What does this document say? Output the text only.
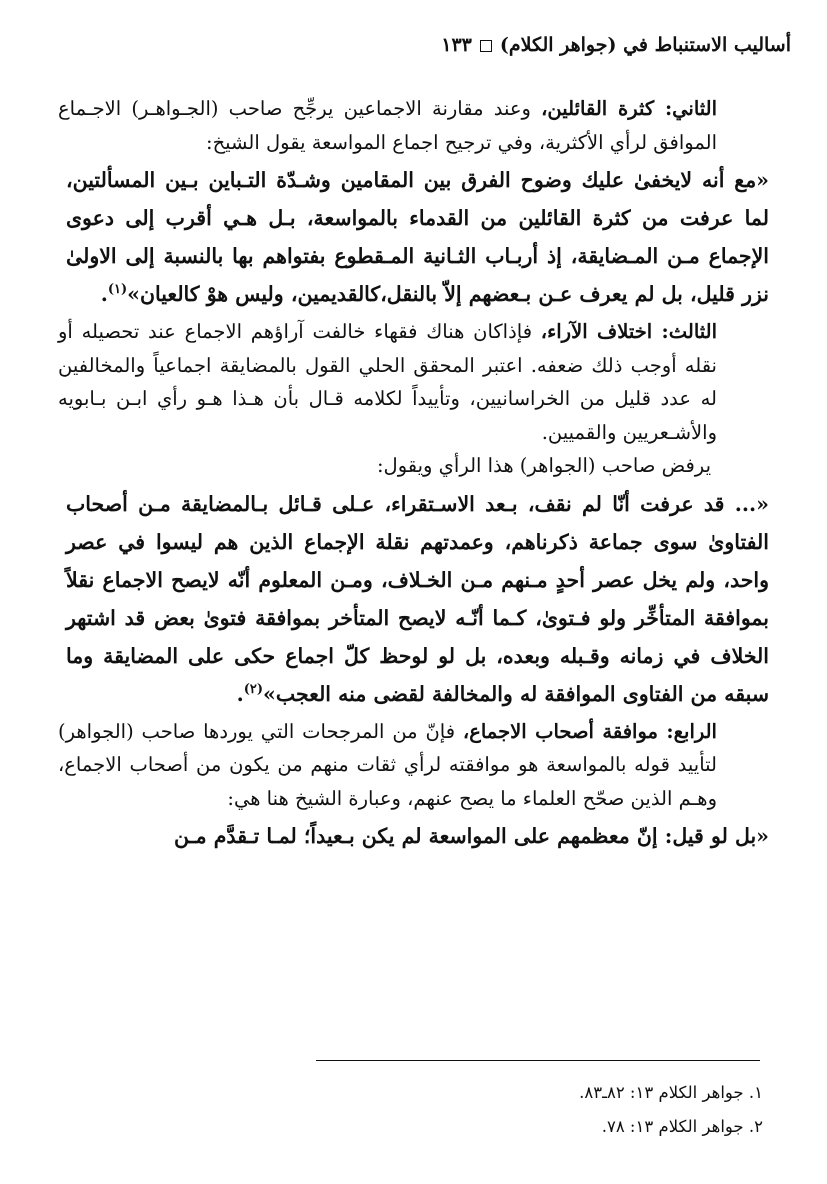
أساليب الاستنباط في (جواهر الكلام)١٣٣

الثاني: كثرة القائلين، وعند مقارنة الاجماعين يرجِّح صاحب (الجـواهـر) الاجـماع الموافق لرأي الأكثرية، وفي ترجيح اجماع المواسعة يقول الشيخ:

«مع أنه لايخفىٰ عليك وضوح الفرق بين المقامين وشـدّة التـباين بـين المسألتين، لما عرفت من كثرة القائلين من القدماء بالمواسعة، بـل هـي أقرب إلى دعوى الإجماع مـن المـضايقة، إذ أربـاب الثـانية المـقطوع بفتواهم بها بالنسبة إلى الاولىٰ نزر قليل، بل لم يعرف عـن بـعضهم إلاّ بالنقل،كالقديمين، وليس هوْ كالعيان»$^{(١)}$.

الثالث: اختلاف الآراء، فإذاكان هناك فقهاء خالفت آراؤهم الاجماع عند تحصيله أو نقله أوجب ذلك ضعفه. اعتبر المحقق الحلي القول بالمضايقة اجماعياً والمخالفين له عدد قليل من الخراسانيين، وتأييداً لكلامه قـال بأن هـذا هـو رأي ابـن بـابويه والأشـعريين والقميين.

يرفض صاحب (الجواهر) هذا الرأي ويقول:

«... قد عرفت أنّا لم نقف، بـعد الاسـتقراء، عـلى قـائل بـالمضايقة مـن أصحاب الفتاوىٰ سوى جماعة ذكرناهم، وعمدتهم نقلة الإجماع الذين هم ليسوا في عصر واحد، ولم يخل عصر أحدٍ مـنهم مـن الخـلاف، ومـن المعلوم أنّه لايصح الاجماع نقلاً بموافقة المتأخِّر ولو فـتوىٰ، كـما أنّـه لايصح المتأخر بموافقة فتوىٰ بعض قد اشتهر الخلاف في زمانه وقـبله وبعده، بل لو لوحظ كلّ اجماع حكى على المضايقة وما سبقه من الفتاوى الموافقة له والمخالفة لقضى منه العجب»$^{(٢)}$.

الرابع: موافقة أصحاب الاجماع، فإنّ من المرجحات التي يوردها صاحب (الجواهر) لتأييد قوله بالمواسعة هو موافقته لرأي ثقات منهم من يكون من أصحاب الاجماع، وهـم الذين صحّح العلماء ما يصح عنهم، وعبارة الشيخ هنا هي:

«بل لو قيل: إنّ معظمهم على المواسعة لم يكن بـعيداً؛ لمـا تـقدَّم مـن

١. جواهر الكلام ١٣: ٨٢ـ٨٣.

٢. جواهر الكلام ١٣: ٧٨.
